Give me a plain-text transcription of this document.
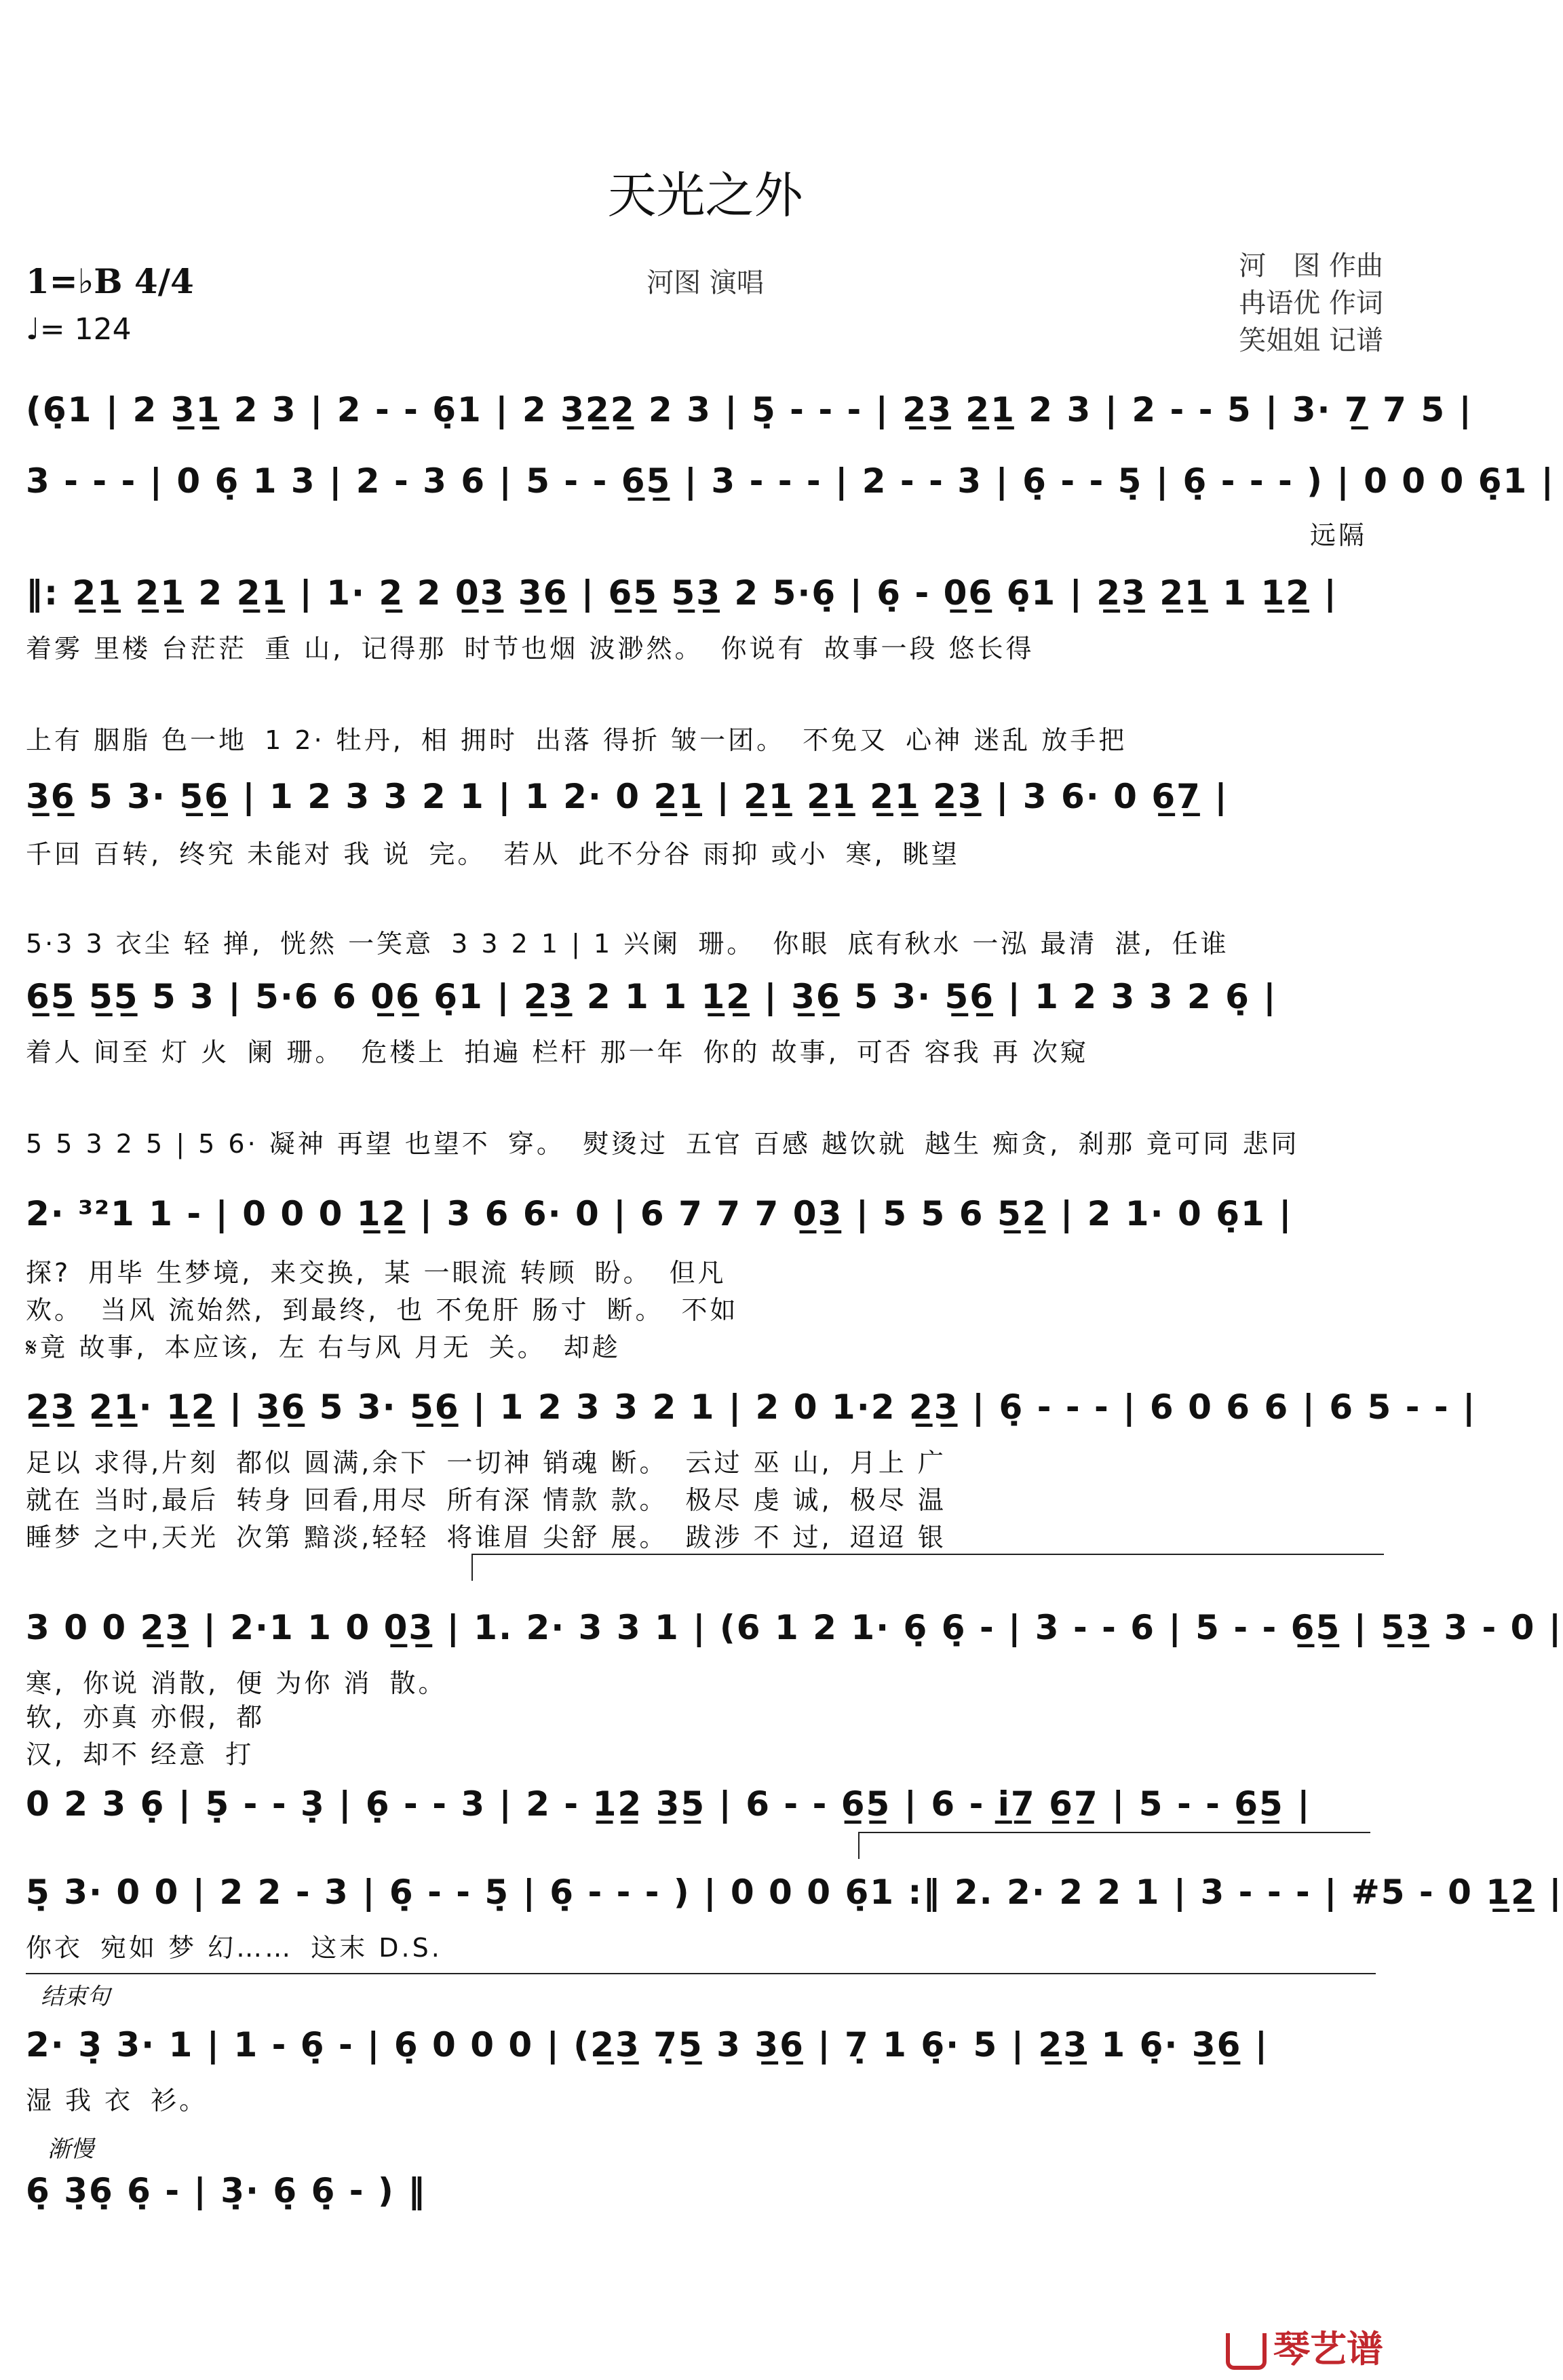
天光之外
河图 演唱
1=♭B 4/4
♩= 124
河　图 作曲
冉语优 作词
笑姐姐 记谱
(6̣1 | 2 3̲1̲ 2 3 | 2 - - 6̣1 | 2 3̲2̲2̲ 2 3 | 5̣ - - - | 2̲3̲ 2̲1̲ 2 3 | 2 - - 5 | 3· 7̲ 7 5 |
3 - - - | 0 6̣ 1 3 | 2 - 3 6 | 5 - - 6̲5̲ | 3 - - - | 2 - - 3 | 6̣ - - 5̣ | 6̣ - - - ) | 0 0 0 6̣1 |
远隔
‖: 2̲1̲ 2̲1̲ 2 2̲1̲ | 1· 2̲ 2 0̲3̲ 3̲6̲ | 6̲5̲ 5̲3̲ 2 5·6̣ | 6̣ - 0̲6̲ 6̣1 | 2̲3̲ 2̲1̲ 1 1̲2̲ |
着雾 里楼 台茫茫 重 山, 记得那 时节也烟 波渺然。 你说有 故事一段 悠长得
上有 胭脂 色一地 1 2· 牡丹, 相 拥时 出落 得折 皱一团。 不免又 心神 迷乱 放手把
3̲6̲ 5 3· 5̲6̲ | 1 2 3 3 2 1 | 1 2· 0 2̲1̲ | 2̲1̲ 2̲1̲ 2̲1̲ 2̲3̲ | 3 6· 0 6̲7̲ |
千回 百转, 终究 未能对 我 说 完。 若从 此不分谷 雨抑 或小 寒, 眺望
5·3 3 衣尘 轻 掸, 恍然 一笑意 3 3 2 1 | 1 兴阑 珊。 你眼 底有秋水 一泓 最清 湛, 任谁
6̲5̲ 5̲5̲ 5 3 | 5·6 6 0̲6̲ 6̣1 | 2̲3̲ 2 1 1 1̲2̲ | 3̲6̲ 5 3· 5̲6̲ | 1 2 3 3 2 6̣ |
着人 间至 灯 火 阑 珊。 危楼上 拍遍 栏杆 那一年 你的 故事, 可否 容我 再 次窥
5 5 3 2 5 | 5 6· 凝神 再望 也望不 穿。 熨烫过 五官 百感 越饮就 越生 痴贪, 刹那 竟可同 悲同
2· ³²1 1 - | 0 0 0 1̲2̲ | 3 6 6· 0 | 6 7 7 7 0̲3̲ | 5 5 6 5̲2̲ | 2 1· 0 6̣1 |
探? 用毕 生梦境, 来交换, 某 一眼流 转顾 盼。 但凡
欢。 当风 流始然, 到最终, 也 不免肝 肠寸 断。 不如
𝄋竟 故事, 本应该, 左 右与风 月无 关。 却趁
2̲3̲ 2̲1̲· 1̲2̲ | 3̲6̲ 5 3· 5̲6̲ | 1 2 3 3 2 1 | 2 0 1·2 2̲3̲ | 6̣ - - - | 6 0 6 6 | 6 5 - - |
足以 求得,片刻 都似 圆满,余下 一切神 销魂 断。 云过 巫 山, 月上 广
就在 当时,最后 转身 回看,用尽 所有深 情款 款。 极尽 虔 诚, 极尽 温
睡梦 之中,天光 次第 黯淡,轻轻 将谁眉 尖舒 展。 跋涉 不 过, 迢迢 银
3 0 0 2̲3̲ | 2·1 1 0 0̲3̲ | 1. 2· 3 3 1 | (6 1 2 1· 6̣ 6̣ - | 3 - - 6 | 5 - - 6̲5̲ | 5̲3̲ 3 - 0 |
寒, 你说 消散, 便 为你 消 散。
软, 亦真 亦假, 都
汉, 却不 经意 打
0 2 3 6̣ | 5̣ - - 3̣ | 6̣ - - 3 | 2 - 1̲2̲ 3̲5̲ | 6 - - 6̲5̲ | 6 - i̲7̲ 6̲7̲ | 5 - - 6̲5̲ |
5̣ 3· 0 0 | 2 2 - 3 | 6̣ - - 5̣ | 6̣ - - - ) | 0 0 0 6̣1 :‖ 2. 2· 2 2 1 | 3 - - - | #5 - 0 1̲2̲ |
你衣 宛如 梦 幻…… 这末 D.S.
结束句
2· 3̣ 3· 1 | 1 - 6̣ - | 6̣ 0 0 0 | (2̲3̲ 7̣5̲ 3 3̲6̲ | 7̣ 1 6̣· 5 | 2̲3̲ 1 6̣· 3̲6̲ |
湿 我 衣 衫。
渐慢
6̣ 3̣6̣ 6̣ - | 3̣· 6̣ 6̣ - ) ‖
琴艺谱
